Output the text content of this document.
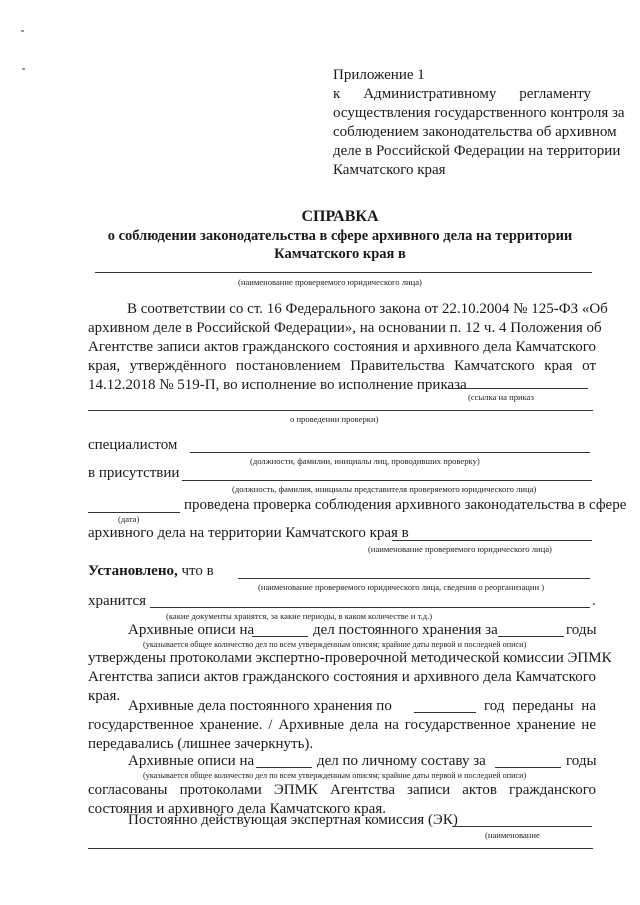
Приложение 1
к Административному регламенту
осуществления государственного контроля за
соблюдением законодательства об архивном
деле в Российской Федерации на территории
Камчатского края
СПРАВКА
о соблюдении законодательства в сфере архивного дела на территории
Камчатского края в
(наименование проверяемого юридического лица)
В соответствии со ст. 16 Федерального закона от 22.10.2004 № 125-ФЗ «Об
архивном деле в Российской Федерации», на основании п. 12 ч. 4 Положения об
Агентстве записи актов гражданского состояния и архивного дела Камчатского
края, утверждённого постановлением Правительства Камчатского края от
14.12.2018 № 519-П, во исполнение во исполнение приказа
(ссылка на приказ
о проведении проверки)
специалистом
(должности, фамилии, инициалы лиц, проводивших проверку)
в присутствии
(должность, фамилия, инициалы представителя проверяемого юридического лица)
проведена проверка соблюдения архивного законодательства в сфере
(дата)
архивного дела на территории Камчатского края в
(наименование проверяемого юридического лица)
Установлено, что в
(наименование проверяемого юридического лица, сведения о реорганизации )
хранится	.
(какие документы хранятся, за какие периоды, в каком количестве и т.д.)
Архивные описи на	дел постоянного хранения за	годы
(указывается общее количество дел по всем утвержденным описям; крайние даты первой и последней описи)
утверждены протоколами экспертно-проверочной методической комиссии ЭПМК
Агентства записи актов гражданского состояния и архивного дела Камчатского
края.
Архивные дела постоянного хранения по	год переданы на
государственное хранение. / Архивные дела на государственное хранение не
передавались (лишнее зачеркнуть).
Архивные описи на	дел по личному составу за	годы
(указывается общее количество дел по всем утвержденным описям; крайние даты первой и последней описи)
согласованы протоколами ЭПМК Агентства записи актов гражданского
состояния и архивного дела Камчатского края.
Постоянно действующая экспертная комиссия (ЭК)
(наименование
